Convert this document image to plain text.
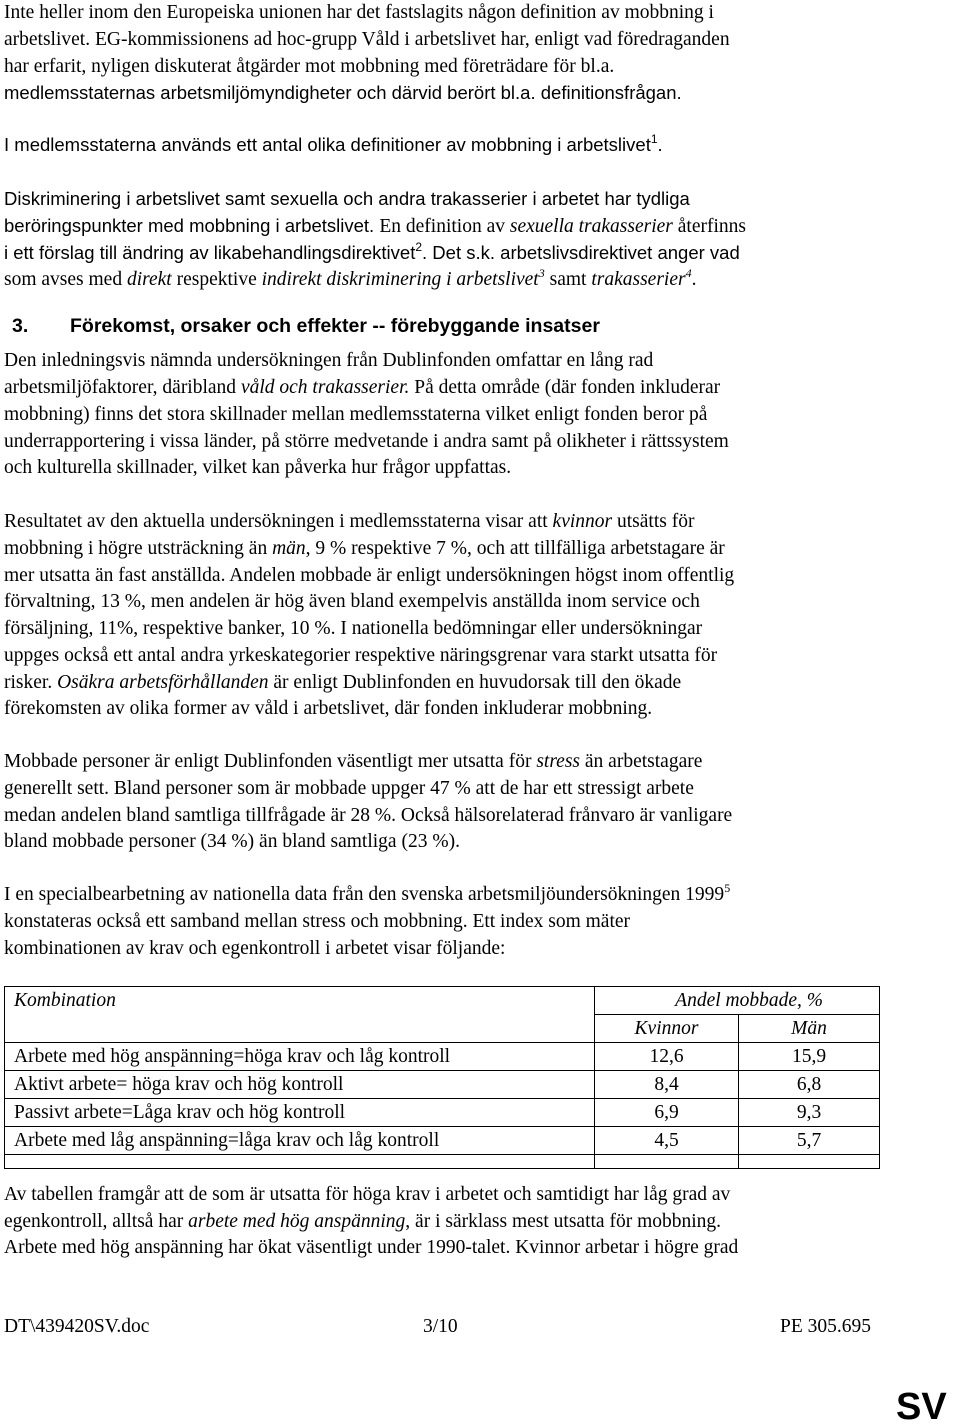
Inte heller inom den Europeiska unionen har det fastslagits någon definition av mobbning i
arbetslivet. EG-kommissionens ad hoc-grupp Våld i arbetslivet har, enligt vad föredraganden
har erfarit, nyligen diskuterat åtgärder mot mobbning med företrädare för bl.a.
medlemsstaternas arbetsmiljömyndigheter och därvid berört bl.a. definitionsfrågan.
I medlemsstaterna används ett antal olika definitioner av mobbning i arbetslivet$^1$.
Diskriminering i arbetslivet samt sexuella och andra trakasserier i arbetet har tydliga
beröringspunkter med mobbning i arbetslivet. En definition av sexuella trakasserier återfinns
i ett förslag till ändring av likabehandlingsdirektivet$^2$. Det s.k. arbetslivsdirektivet anger vad
som avses med direkt respektive indirekt diskriminering i arbetslivet$^3$ samt trakasserier$^4$.
3. Förekomst, orsaker och effekter -- förebyggande insatser
Den inledningsvis nämnda undersökningen från Dublinfonden omfattar en lång rad
arbetsmiljöfaktorer, däribland våld och trakasserier. På detta område (där fonden inkluderar
mobbning) finns det stora skillnader mellan medlemsstaterna vilket enligt fonden beror på
underrapportering i vissa länder, på större medvetande i andra samt på olikheter i rättssystem
och kulturella skillnader, vilket kan påverka hur frågor uppfattas.
Resultatet av den aktuella undersökningen i medlemsstaterna visar att kvinnor utsätts för
mobbning i högre utsträckning än män, 9 % respektive 7 %, och att tillfälliga arbetstagare är
mer utsatta än fast anställda. Andelen mobbade är enligt undersökningen högst inom offentlig
förvaltning, 13 %, men andelen är hög även bland exempelvis anställda inom service och
försäljning, 11%, respektive banker, 10 %. I nationella bedömningar eller undersökningar
uppges också ett antal andra yrkeskategorier respektive näringsgrenar vara starkt utsatta för
risker. Osäkra arbetsförhållanden är enligt Dublinfonden en huvudorsak till den ökade
förekomsten av olika former av våld i arbetslivet, där fonden inkluderar mobbning.
Mobbade personer är enligt Dublinfonden väsentligt mer utsatta för stress än arbetstagare
generellt sett. Bland personer som är mobbade uppger 47 % att de har ett stressigt arbete
medan andelen bland samtliga tillfrågade är 28 %. Också hälsorelaterad frånvaro är vanligare
bland mobbade personer (34 %) än bland samtliga (23 %).
I en specialbearbetning av nationella data från den svenska arbetsmiljöundersökningen 1999$^5$
konstateras också ett samband mellan stress och mobbning. Ett index som mäter
kombinationen av krav och egenkontroll i arbetet visar följande:
Kombination	Andel mobbade, %	
	Kvinnor	Män
Arbete med hög anspänning=höga krav och låg kontroll	12,6	15,9
Aktivt arbete= höga krav och hög kontroll	8,4	6,8
Passivt arbete=Låga krav och hög kontroll	6,9	9,3
Arbete med låg anspänning=låga krav och låg kontroll	4,5	5,7

Av tabellen framgår att de som är utsatta för höga krav i arbetet och samtidigt har låg grad av
egenkontroll, alltså har arbete med hög anspänning, är i särklass mest utsatta för mobbning.
Arbete med hög anspänning har ökat väsentligt under 1990-talet. Kvinnor arbetar i högre grad
DT\439420SV.doc	3/10	PE 305.695
SV
